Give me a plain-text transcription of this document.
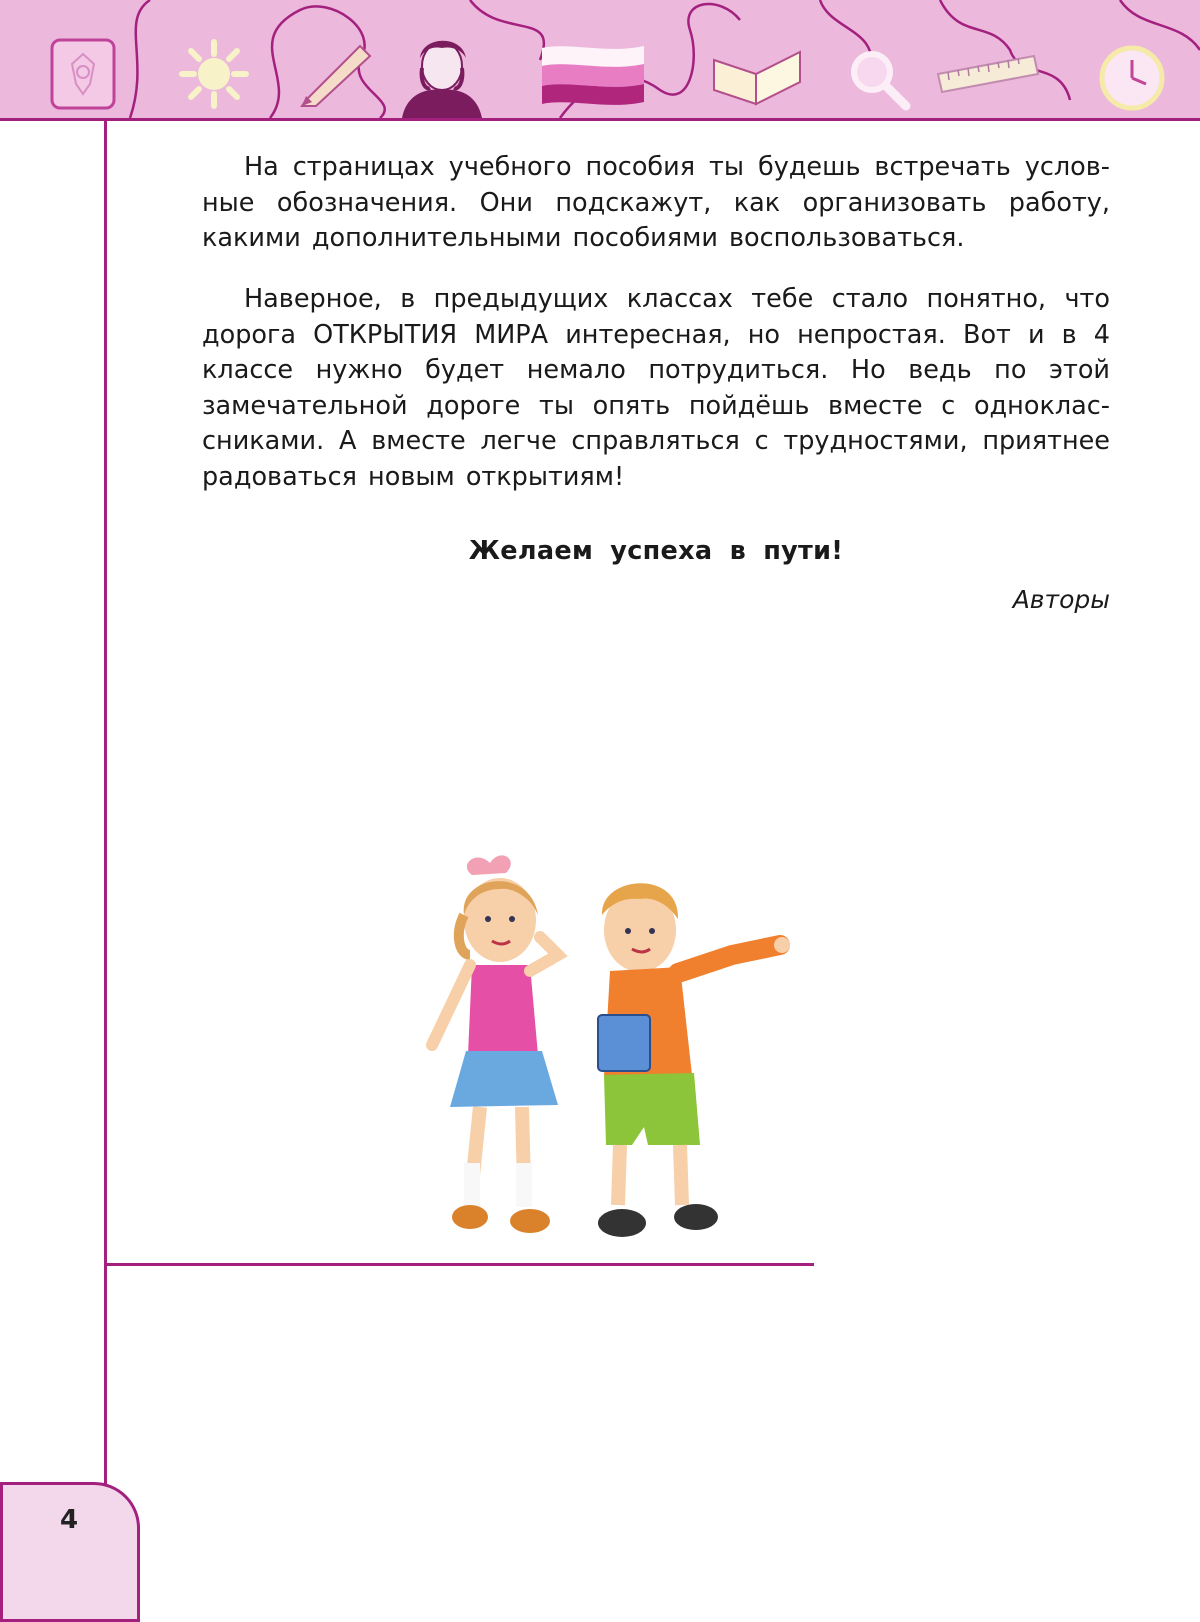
На страницах учебного пособия ты будешь встречать условные обозначения. Они подскажут, как организовать работу, какими дополнительными пособиями воспользоваться.

Наверное, в предыдущих классах тебе стало понятно, что дорога ОТКРЫТИЯ МИРА интересная, но непростая. Вот и в 4 классе нужно будет немало потрудиться. Но ведь по этой замечательной дороге ты опять пойдёшь вместе с одноклассниками. А вместе легче справляться с трудностями, приятнее радоваться новым открытиям!

Желаем успеха в пути!
Авторы
4
